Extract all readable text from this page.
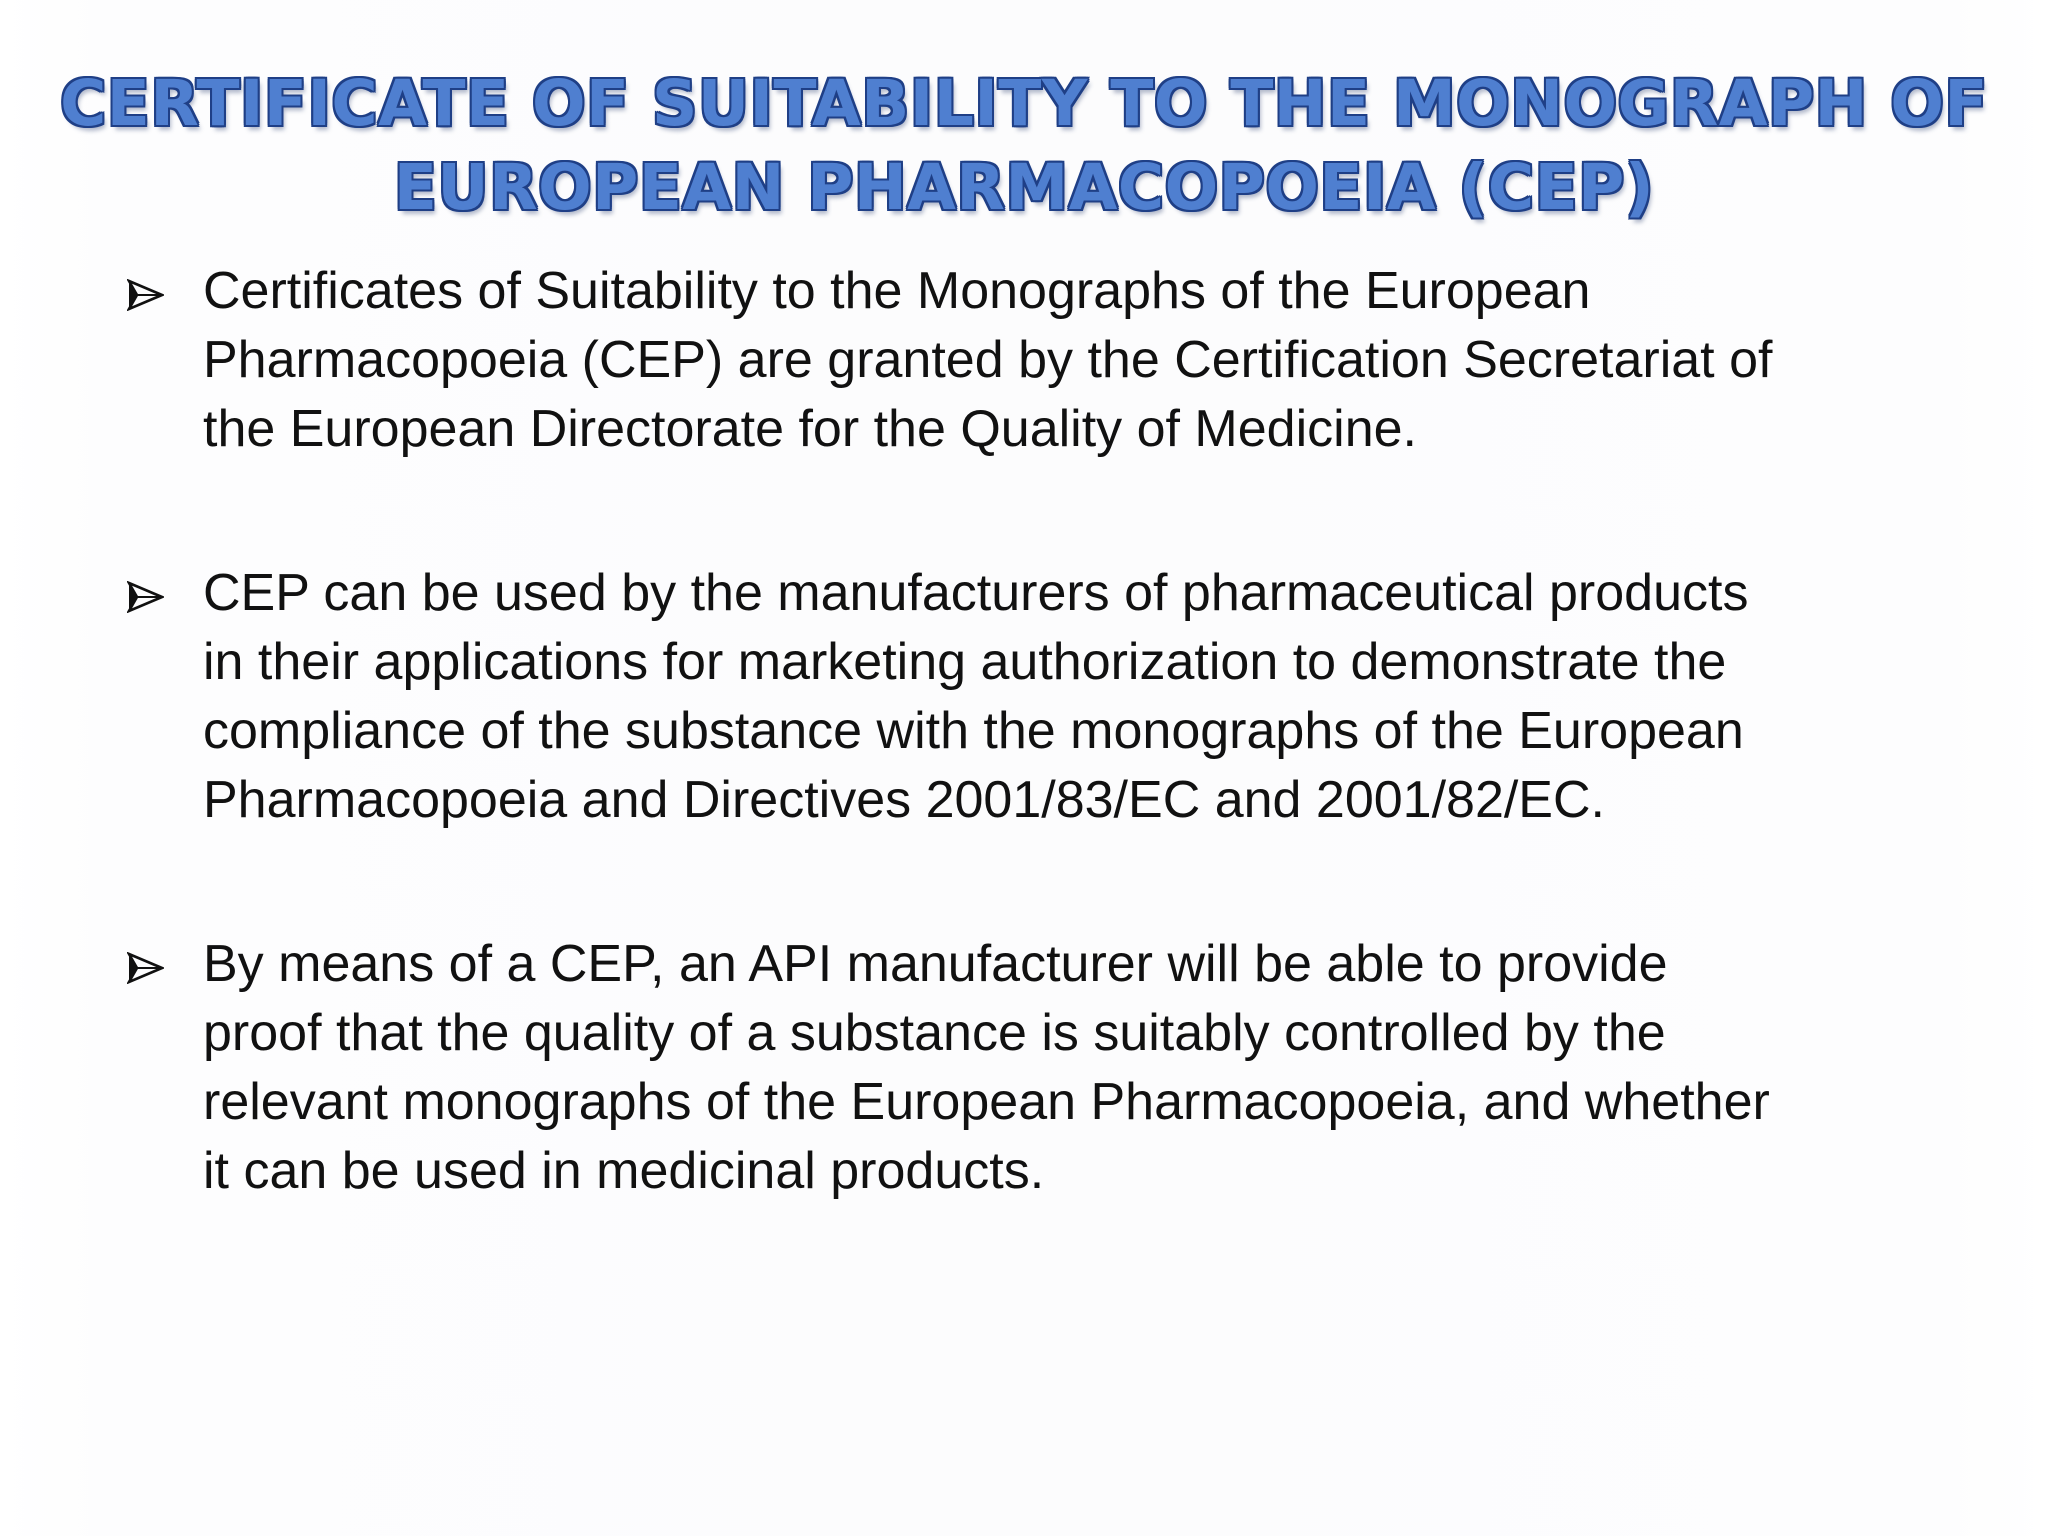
CERTIFICATE OF SUITABILITY TO THE MONOGRAPH OF
EUROPEAN PHARMACOPOEIA (CEP)
Certificates of Suitability to the Monographs of the European
Pharmacopoeia (CEP) are granted by the Certification Secretariat of
the European Directorate for the Quality of Medicine.
CEP can be used by the manufacturers of pharmaceutical products
in their applications for marketing authorization to demonstrate the
compliance of the substance with the monographs of the European
Pharmacopoeia and Directives 2001/83/EC and 2001/82/EC.
By means of a CEP, an API manufacturer will be able to provide
proof that the quality of a substance is suitably controlled by the
relevant monographs of the European Pharmacopoeia, and whether
it can be used in medicinal products.
